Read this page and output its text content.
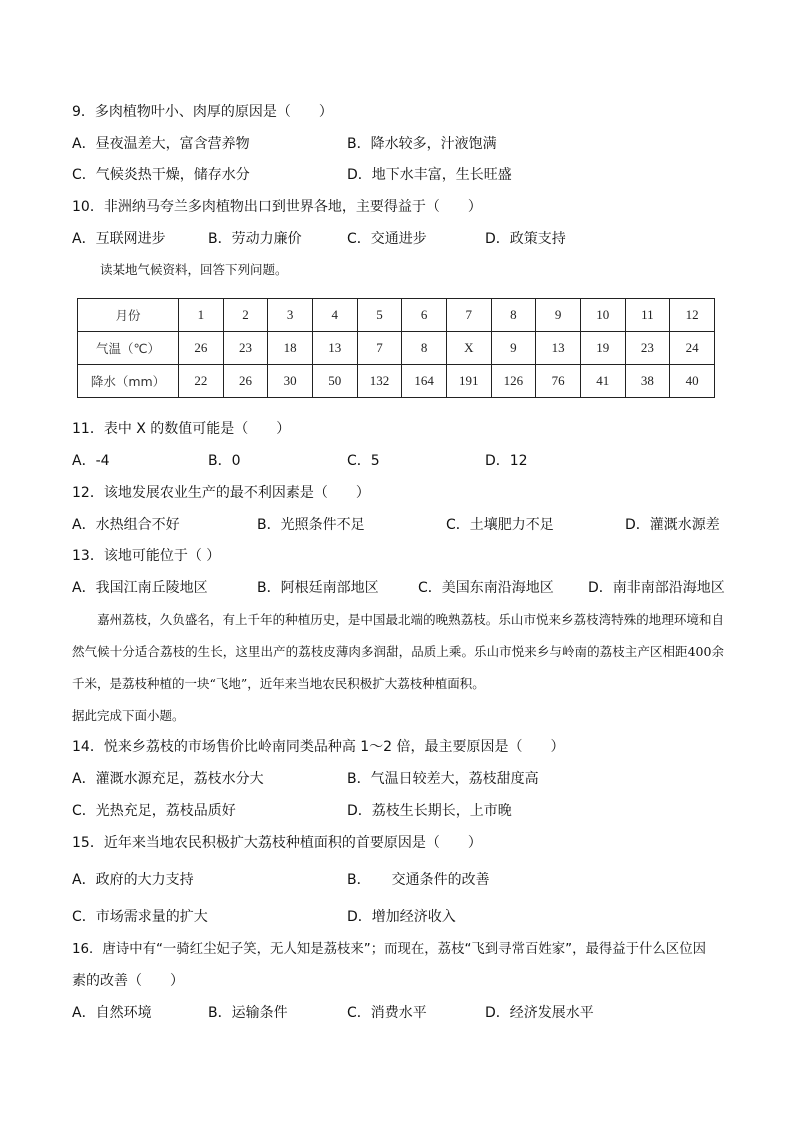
9．多肉植物叶小、肉厚的原因是（　　）
A．昼夜温差大，富含营养物	B．降水较多，汁液饱满
C．气候炎热干燥，储存水分	D．地下水丰富，生长旺盛
10．非洲纳马夸兰多肉植物出口到世界各地，主要得益于（　　）
A．互联网进步	B．劳动力廉价	C．交通进步	D．政策支持
读某地气候资料，回答下列问题。
月份	1	2	3	4	5	6	7	8	9	10	11	12
气温（℃）	26	23	18	13	7	8	X	9	13	19	23	24
降水（mm）	22	26	30	50	132	164	191	126	76	41	38	40
11．表中 X 的数值可能是（　　）
A．-4	B．0	C．5	D．12
12．该地发展农业生产的最不利因素是（　　）
A．水热组合不好	B．光照条件不足	C．土壤肥力不足	D．灌溉水源差
13．该地可能位于（ ）
A．我国江南丘陵地区	B．阿根廷南部地区	C．美国东南沿海地区 D．南非南部沿海地区
　　嘉州荔枝，久负盛名，有上千年的种植历史，是中国最北端的晚熟荔枝。乐山市悦来乡荔枝湾特殊的地理环境和自然气候十分适合荔枝的生长，这里出产的荔枝皮薄肉多润甜，品质上乘。乐山市悦来乡与岭南的荔枝主产区相距400余千米，是荔枝种植的一块“飞地”，近年来当地农民积极扩大荔枝种植面积。
据此完成下面小题。
14．悦来乡荔枝的市场售价比岭南同类品种高 1～2 倍，最主要原因是（　　）
A．灌溉水源充足，荔枝水分大	B．气温日较差大，荔枝甜度高
C．光热充足，荔枝品质好	D．荔枝生长期长，上市晚
15．近年来当地农民积极扩大荔枝种植面积的首要原因是（　　）
A．政府的大力支持	B．　　交通条件的改善
C．市场需求量的扩大	D．增加经济收入
16．唐诗中有“一骑红尘妃子笑，无人知是荔枝来”；而现在，荔枝“飞到寻常百姓家”，最得益于什么区位因
素的改善（　　）
A．自然环境	B．运输条件	C．消费水平	D．经济发展水平
